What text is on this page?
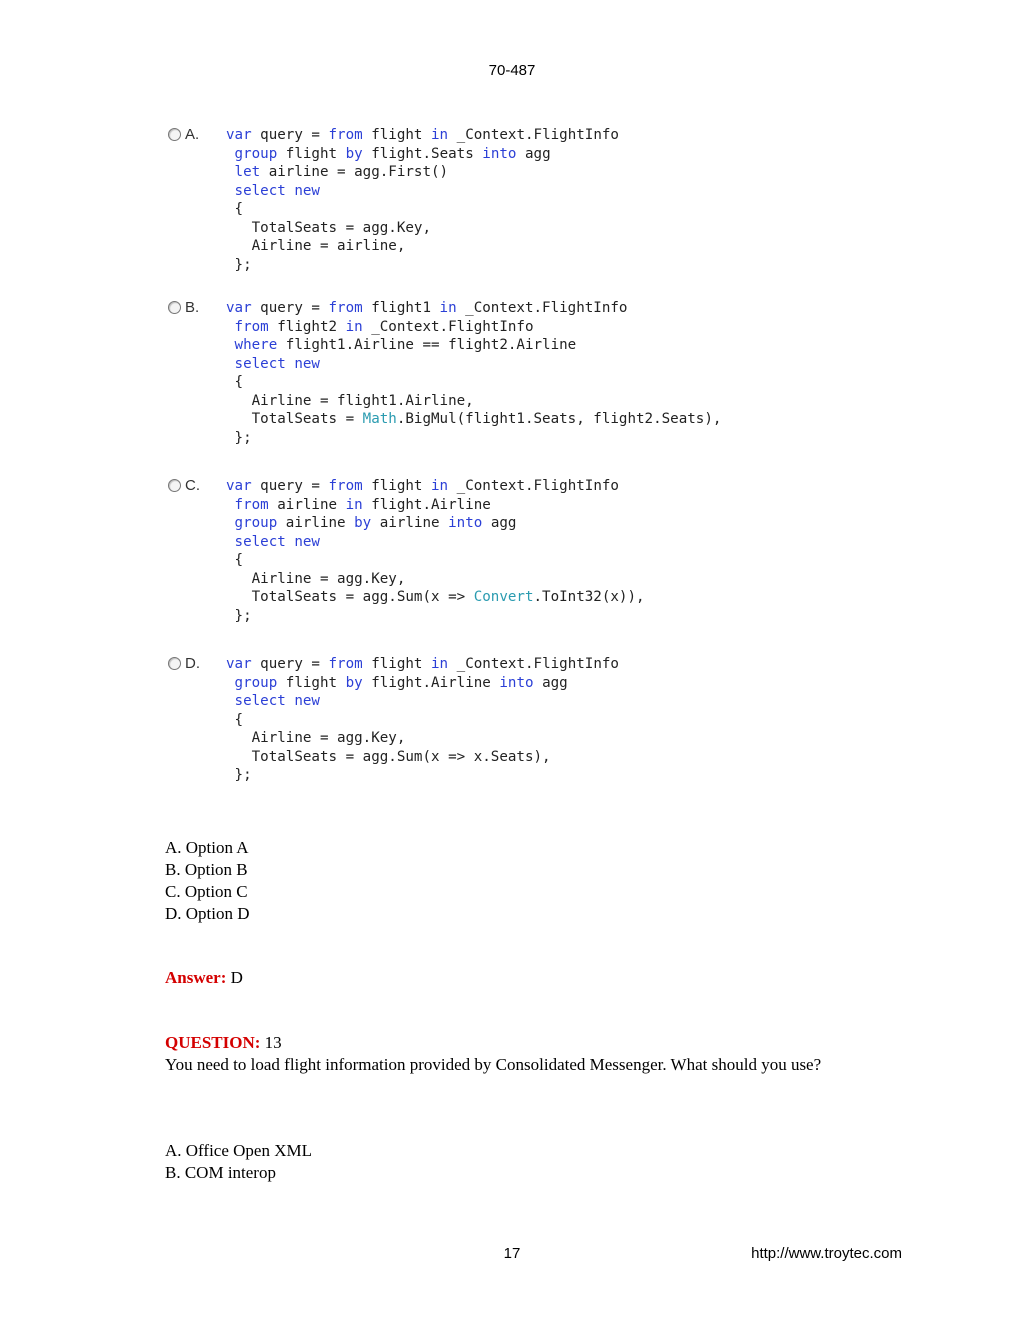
70-487
A. var query = from flight in _Context.FlightInfo
group flight by flight.Seats into agg
let airline = agg.First()
select new
{
TotalSeats = agg.Key,
Airline = airline,
};
B. var query = from flight1 in _Context.FlightInfo
from flight2 in _Context.FlightInfo
where flight1.Airline == flight2.Airline
select new
{
Airline = flight1.Airline,
TotalSeats = Math.BigMul(flight1.Seats, flight2.Seats),
};
C. var query = from flight in _Context.FlightInfo
from airline in flight.Airline
group airline by airline into agg
select new
{
Airline = agg.Key,
TotalSeats = agg.Sum(x => Convert.ToInt32(x)),
};
D. var query = from flight in _Context.FlightInfo
group flight by flight.Airline into agg
select new
{
Airline = agg.Key,
TotalSeats = agg.Sum(x => x.Seats),
};
A. Option A
B. Option B
C. Option C
D. Option D
Answer: D
QUESTION: 13
You need to load flight information provided by Consolidated Messenger. What should you use?
A. Office Open XML
B. COM interop
17	http://www.troytec.com
